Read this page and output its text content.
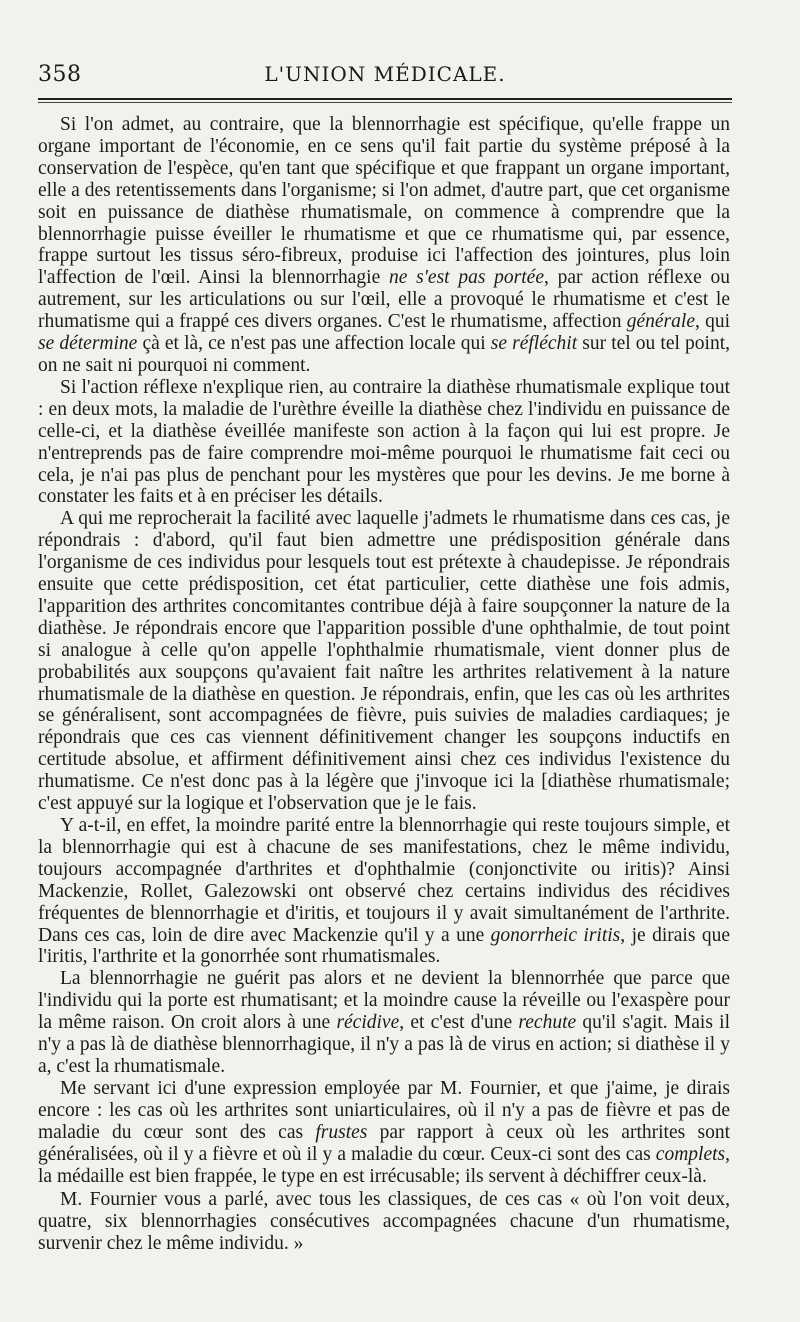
358	L'UNION MÉDICALE.

Si l'on admet, au contraire, que la blennorrhagie est spécifique, qu'elle frappe un organe important de l'économie, en ce sens qu'il fait partie du système préposé à la conservation de l'espèce, qu'en tant que spécifique et que frappant un organe important, elle a des retentissements dans l'organisme; si l'on admet, d'autre part, que cet organisme soit en puissance de diathèse rhumatismale, on commence à comprendre que la blennorrhagie puisse éveiller le rhumatisme et que ce rhumatisme qui, par essence, frappe surtout les tissus séro-fibreux, produise ici l'affection des jointures, plus loin l'affection de l'œil. Ainsi la blennorrhagie ne s'est pas portée, par action réflexe ou autrement, sur les articulations ou sur l'œil, elle a provoqué le rhumatisme et c'est le rhumatisme qui a frappé ces divers organes. C'est le rhumatisme, affection générale, qui se détermine çà et là, ce n'est pas une affection locale qui se réfléchit sur tel ou tel point, on ne sait ni pourquoi ni comment.

Si l'action réflexe n'explique rien, au contraire la diathèse rhumatismale explique tout : en deux mots, la maladie de l'urèthre éveille la diathèse chez l'individu en puissance de celle-ci, et la diathèse éveillée manifeste son action à la façon qui lui est propre. Je n'entreprends pas de faire comprendre moi-même pourquoi le rhumatisme fait ceci ou cela, je n'ai pas plus de penchant pour les mystères que pour les devins. Je me borne à constater les faits et à en préciser les détails.

A qui me reprocherait la facilité avec laquelle j'admets le rhumatisme dans ces cas, je répondrais : d'abord, qu'il faut bien admettre une prédisposition générale dans l'organisme de ces individus pour lesquels tout est prétexte à chaudepisse. Je répondrais ensuite que cette prédisposition, cet état particulier, cette diathèse une fois admis, l'apparition des arthrites concomitantes contribue déjà à faire soupçonner la nature de la diathèse. Je répondrais encore que l'apparition possible d'une ophthalmie, de tout point si analogue à celle qu'on appelle l'ophthalmie rhumatismale, vient donner plus de probabilités aux soupçons qu'avaient fait naître les arthrites relativement à la nature rhumatismale de la diathèse en question. Je répondrais, enfin, que les cas où les arthrites se généralisent, sont accompagnées de fièvre, puis suivies de maladies cardiaques; je répondrais que ces cas viennent définitivement changer les soupçons inductifs en certitude absolue, et affirment définitivement ainsi chez ces individus l'existence du rhumatisme. Ce n'est donc pas à la légère que j'invoque ici la [diathèse rhumatismale; c'est appuyé sur la logique et l'observation que je le fais.

Y a-t-il, en effet, la moindre parité entre la blennorrhagie qui reste toujours simple, et la blennorrhagie qui est à chacune de ses manifestations, chez le même individu, toujours accompagnée d'arthrites et d'ophthalmie (conjonctivite ou iritis)? Ainsi Mackenzie, Rollet, Galezowski ont observé chez certains individus des récidives fréquentes de blennorrhagie et d'iritis, et toujours il y avait simultanément de l'arthrite. Dans ces cas, loin de dire avec Mackenzie qu'il y a une gonorrheic iritis, je dirais que l'iritis, l'arthrite et la gonorrhée sont rhumatismales.

La blennorrhagie ne guérit pas alors et ne devient la blennorrhée que parce que l'individu qui la porte est rhumatisant; et la moindre cause la réveille ou l'exaspère pour la même raison. On croit alors à une récidive, et c'est d'une rechute qu'il s'agit. Mais il n'y a pas là de diathèse blennorrhagique, il n'y a pas là de virus en action; si diathèse il y a, c'est la rhumatismale.

Me servant ici d'une expression employée par M. Fournier, et que j'aime, je dirais encore : les cas où les arthrites sont uniarticulaires, où il n'y a pas de fièvre et pas de maladie du cœur sont des cas frustes par rapport à ceux où les arthrites sont généralisées, où il y a fièvre et où il y a maladie du cœur. Ceux-ci sont des cas complets, la médaille est bien frappée, le type en est irrécusable; ils servent à déchiffrer ceux-là.

M. Fournier vous a parlé, avec tous les classiques, de ces cas « où l'on voit deux, quatre, six blennorrhagies consécutives accompagnées chacune d'un rhumatisme, survenir chez le même individu. »
